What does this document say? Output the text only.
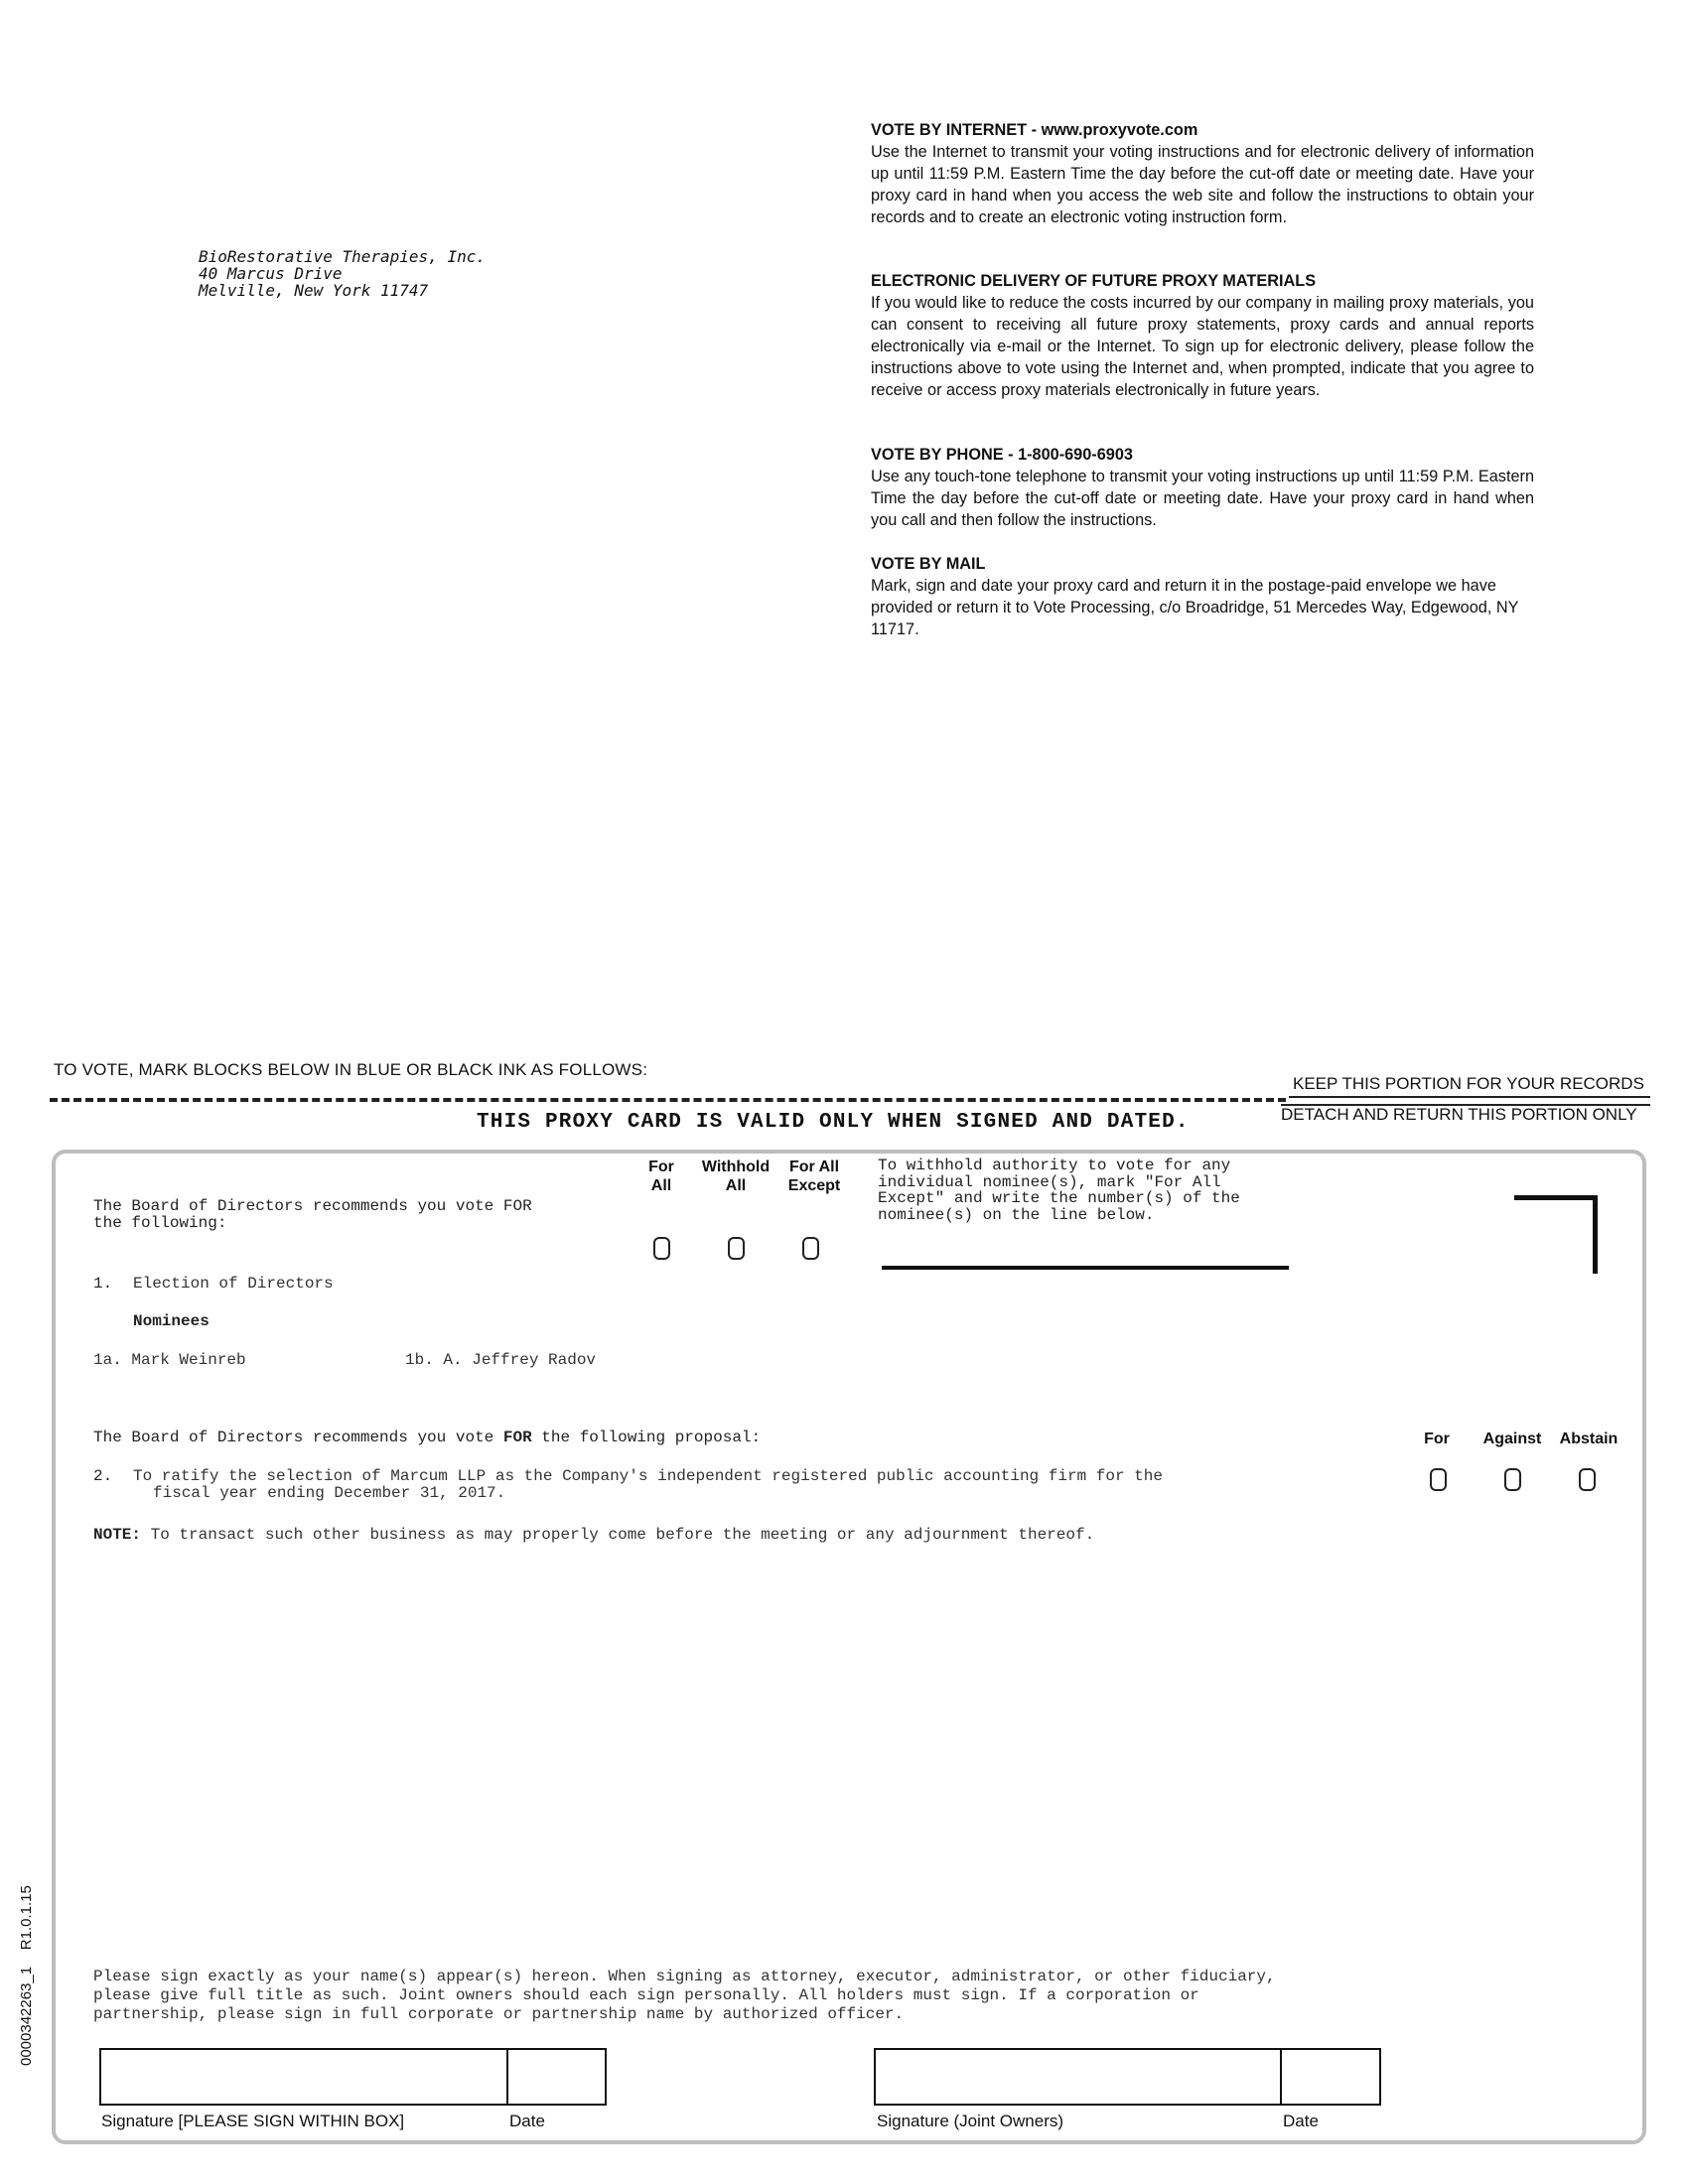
BioRestorative Therapies, Inc.
40 Marcus Drive
Melville, New York 11747
VOTE BY INTERNET - www.proxyvote.com
Use the Internet to transmit your voting instructions and for electronic delivery of information up until 11:59 P.M. Eastern Time the day before the cut-off date or meeting date. Have your proxy card in hand when you access the web site and follow the instructions to obtain your records and to create an electronic voting instruction form.
ELECTRONIC DELIVERY OF FUTURE PROXY MATERIALS
If you would like to reduce the costs incurred by our company in mailing proxy materials, you can consent to receiving all future proxy statements, proxy cards and annual reports electronically via e-mail or the Internet. To sign up for electronic delivery, please follow the instructions above to vote using the Internet and, when prompted, indicate that you agree to receive or access proxy materials electronically in future years.
VOTE BY PHONE - 1-800-690-6903
Use any touch-tone telephone to transmit your voting instructions up until 11:59 P.M. Eastern Time the day before the cut-off date or meeting date. Have your proxy card in hand when you call and then follow the instructions.
VOTE BY MAIL
Mark, sign and date your proxy card and return it in the postage-paid envelope we have provided or return it to Vote Processing, c/o Broadridge, 51 Mercedes Way, Edgewood, NY 11717.
TO VOTE, MARK BLOCKS BELOW IN BLUE OR BLACK INK AS FOLLOWS:
KEEP THIS PORTION FOR YOUR RECORDS
DETACH AND RETURN THIS PORTION ONLY
THIS PROXY CARD IS VALID ONLY WHEN SIGNED AND DATED.
The Board of Directors recommends you vote FOR
the following:
For
All
Withhold
All
For All
Except
To withhold authority to vote for any
individual nominee(s), mark "For All
Except" and write the number(s) of the
nominee(s) on the line below.
1. Election of Directors
Nominees
1a. Mark Weinreb	1b. A. Jeffrey Radov
The Board of Directors recommends you vote FOR the following proposal:	For	Against	Abstain
2. To ratify the selection of Marcum LLP as the Company's independent registered public accounting firm for the
fiscal year ending December 31, 2017.
NOTE: To transact such other business as may properly come before the meeting or any adjournment thereof.
Please sign exactly as your name(s) appear(s) hereon. When signing as attorney, executor, administrator, or other fiduciary,
please give full title as such. Joint owners should each sign personally. All holders must sign. If a corporation or
partnership, please sign in full corporate or partnership name by authorized officer.
Signature [PLEASE SIGN WITHIN BOX]	Date	Signature (Joint Owners)	Date
0000342263_1    R1.0.1.15
